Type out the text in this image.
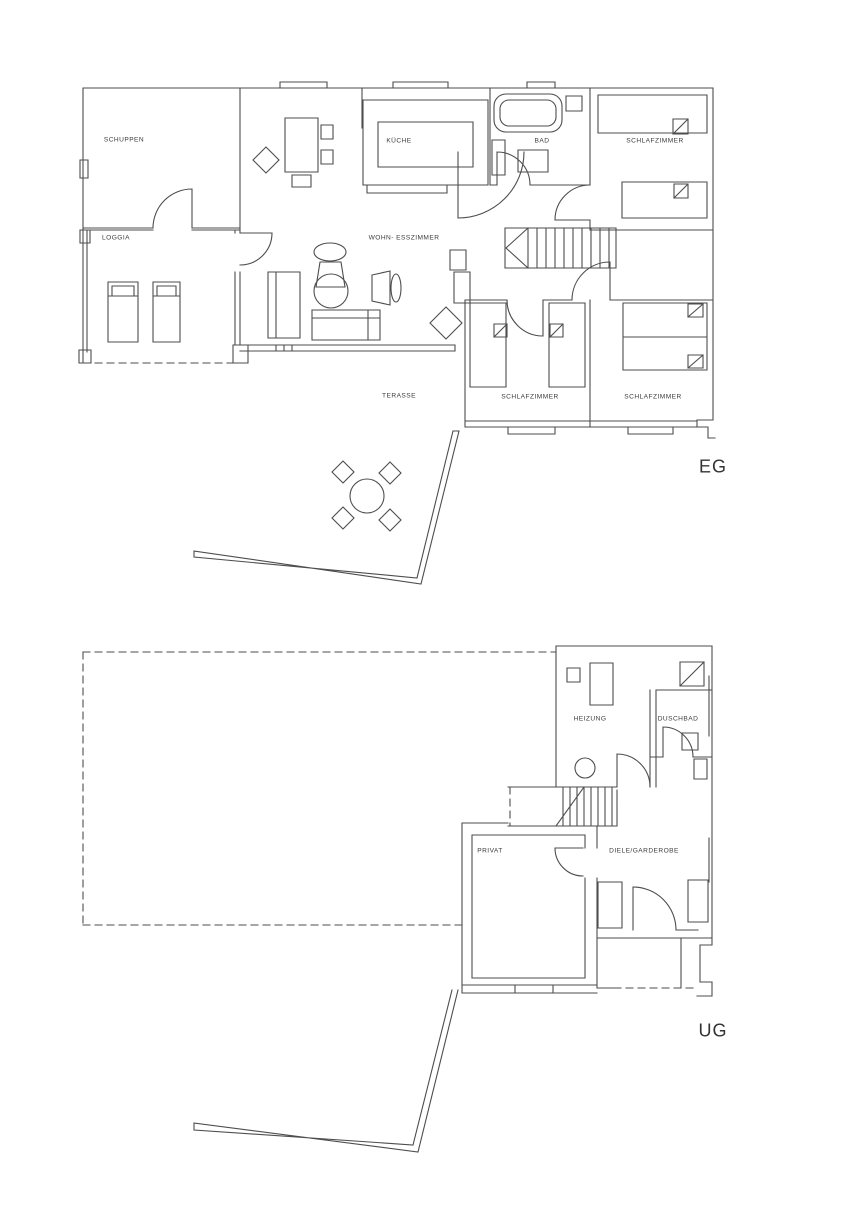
SCHUPPEN
LOGGIA
KÜCHE	BAD	SCHLAFZIMMER
WOHN- ESSZIMMER
SCHLAFZIMMER	SCHLAFZIMMER
TERASSE
EG
HEIZUNG	DUSCHBAD
PRIVAT	DIELE/GARDEROBE
UG
